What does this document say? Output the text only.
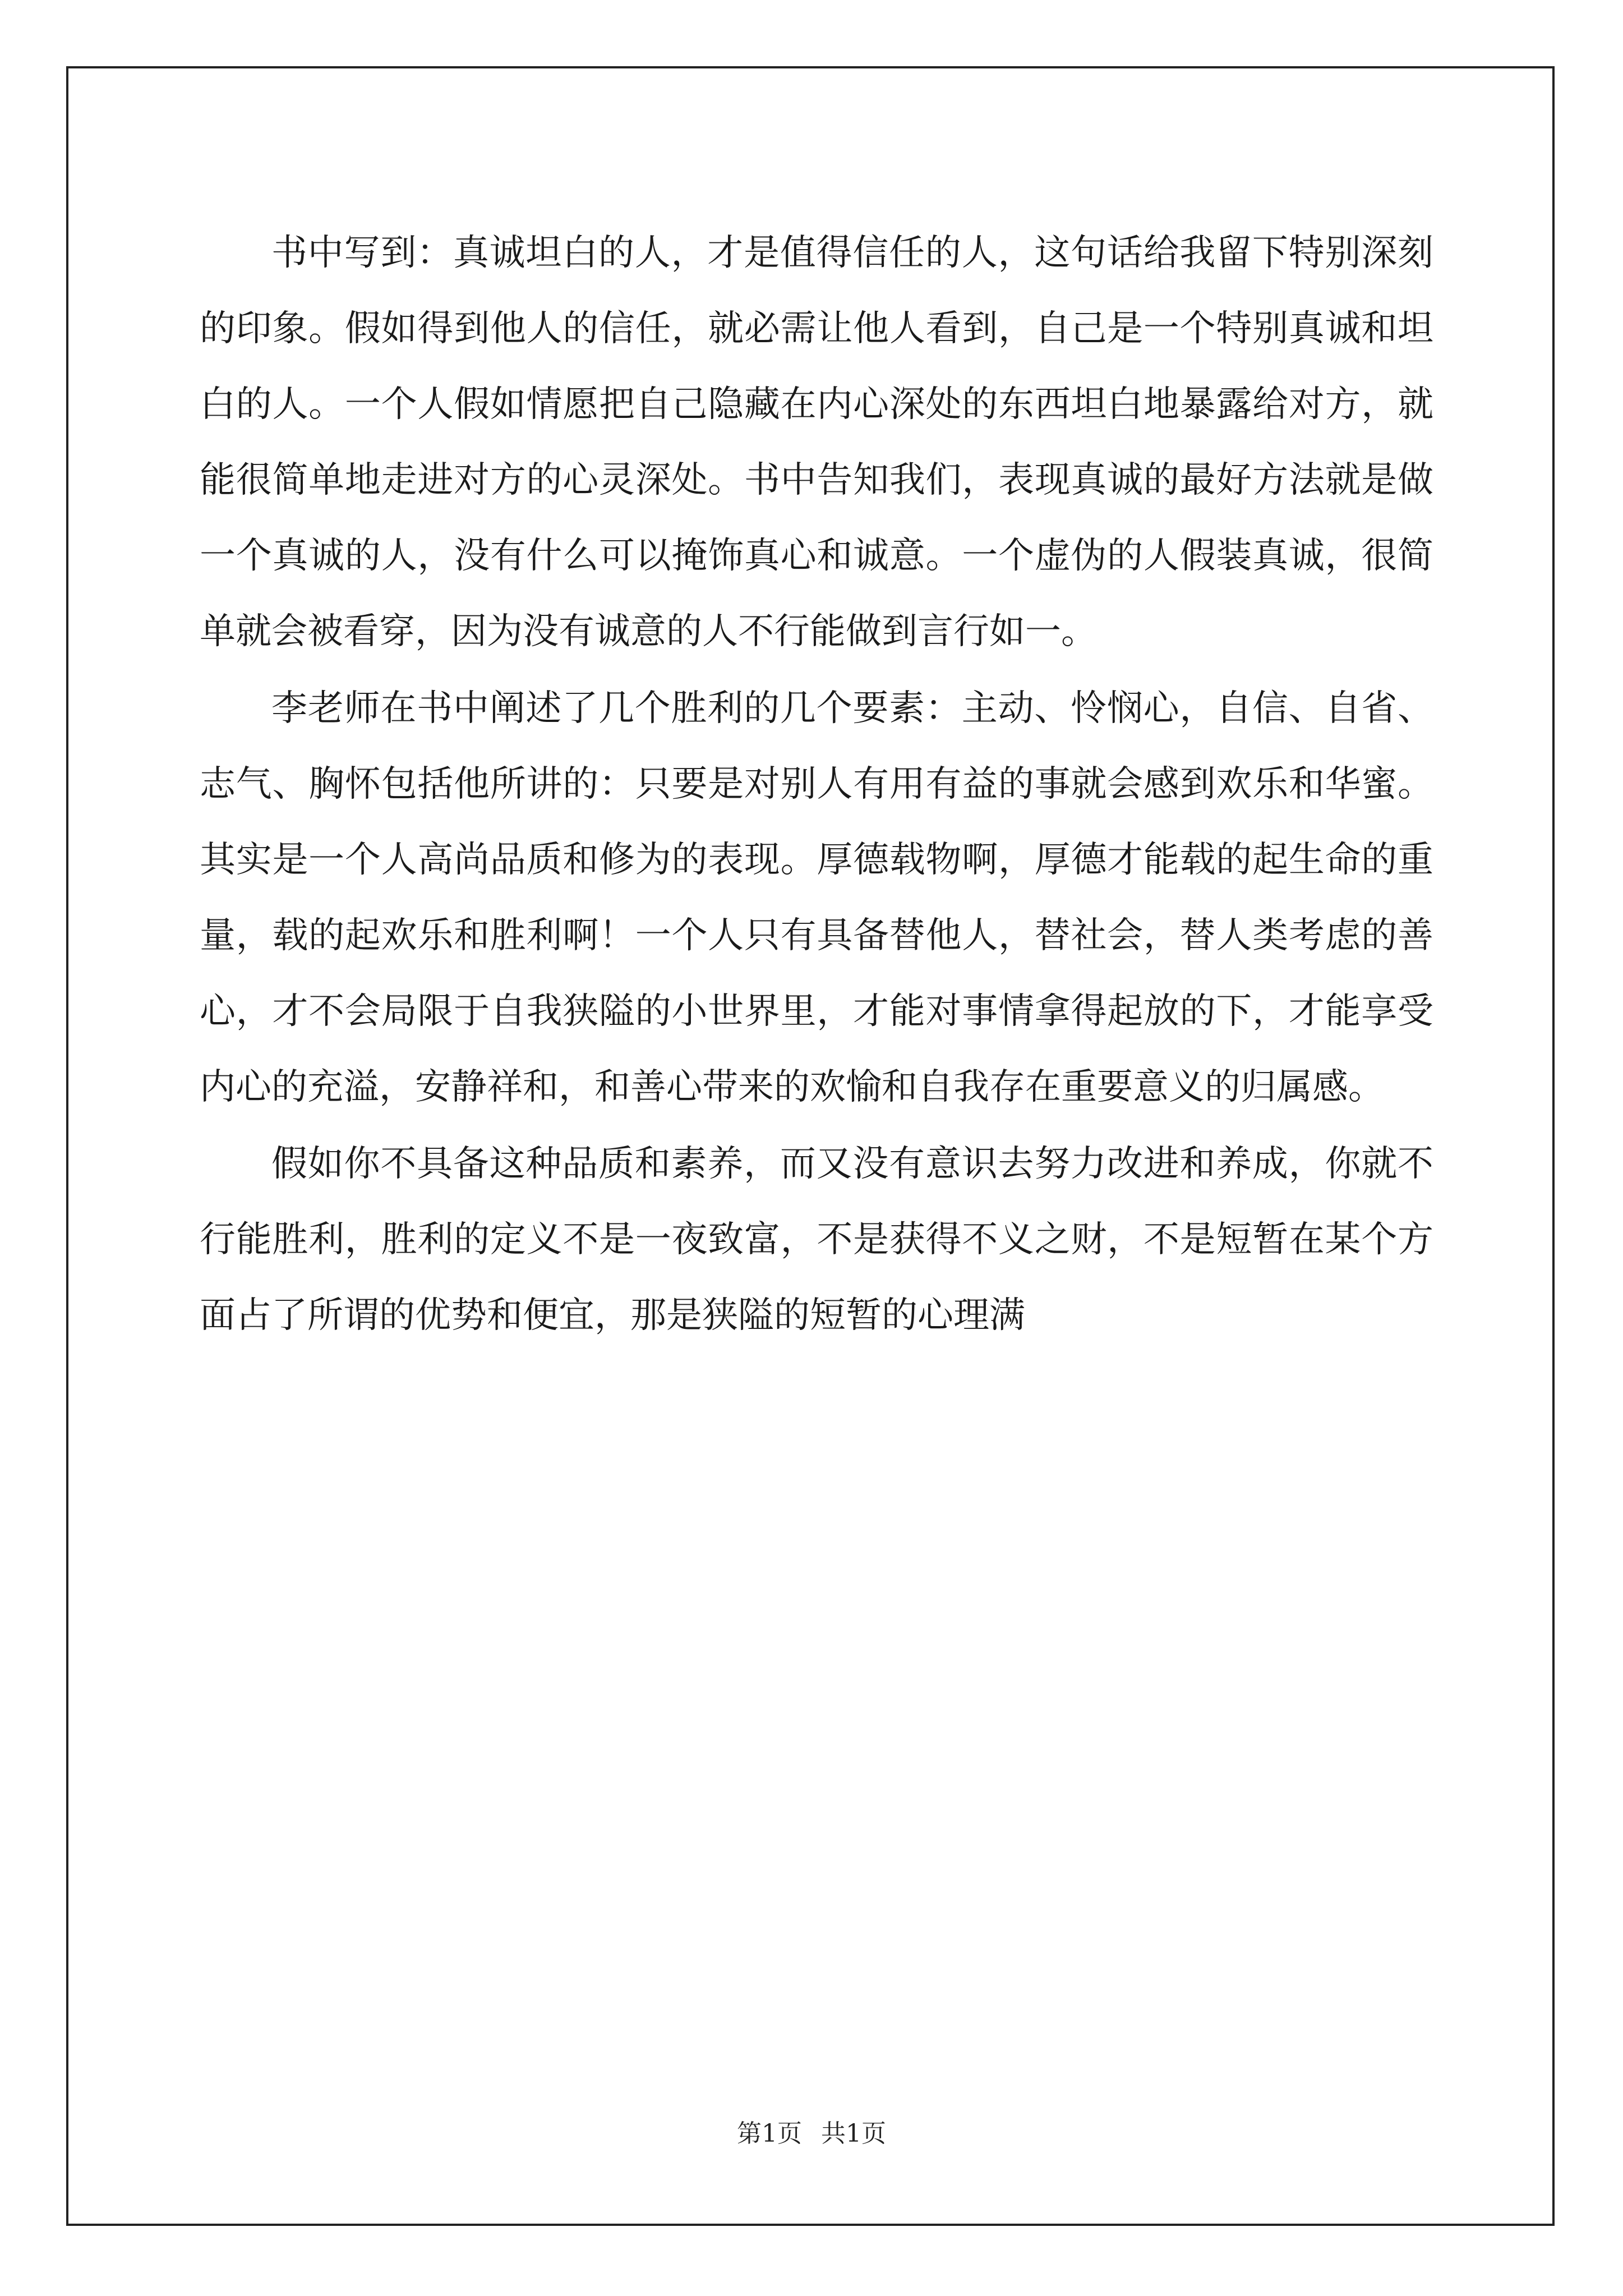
书中写到：真诚坦白的人，才是值得信任的人，这句话给我留下特别深刻的印象。假如得到他人的信任，就必需让他人看到，自己是一个特别真诚和坦白的人。一个人假如情愿把自己隐藏在内心深处的东西坦白地暴露给对方，就能很简单地走进对方的心灵深处。书中告知我们，表现真诚的最好方法就是做一个真诚的人，没有什么可以掩饰真心和诚意。一个虚伪的人假装真诚，很简单就会被看穿，因为没有诚意的人不行能做到言行如一。

李老师在书中阐述了几个胜利的几个要素：主动、怜悯心，自信、自省、志气、胸怀包括他所讲的：只要是对别人有用有益的事就会感到欢乐和华蜜。其实是一个人高尚品质和修为的表现。厚德载物啊，厚德才能载的起生命的重量，载的起欢乐和胜利啊！一个人只有具备替他人，替社会，替人类考虑的善心，才不会局限于自我狭隘的小世界里，才能对事情拿得起放的下，才能享受内心的充溢，安静祥和，和善心带来的欢愉和自我存在重要意义的归属感。

假如你不具备这种品质和素养，而又没有意识去努力改进和养成，你就不行能胜利，胜利的定义不是一夜致富，不是获得不义之财，不是短暂在某个方面占了所谓的优势和便宜，那是狭隘的短暂的心理满

第1页 共1页
